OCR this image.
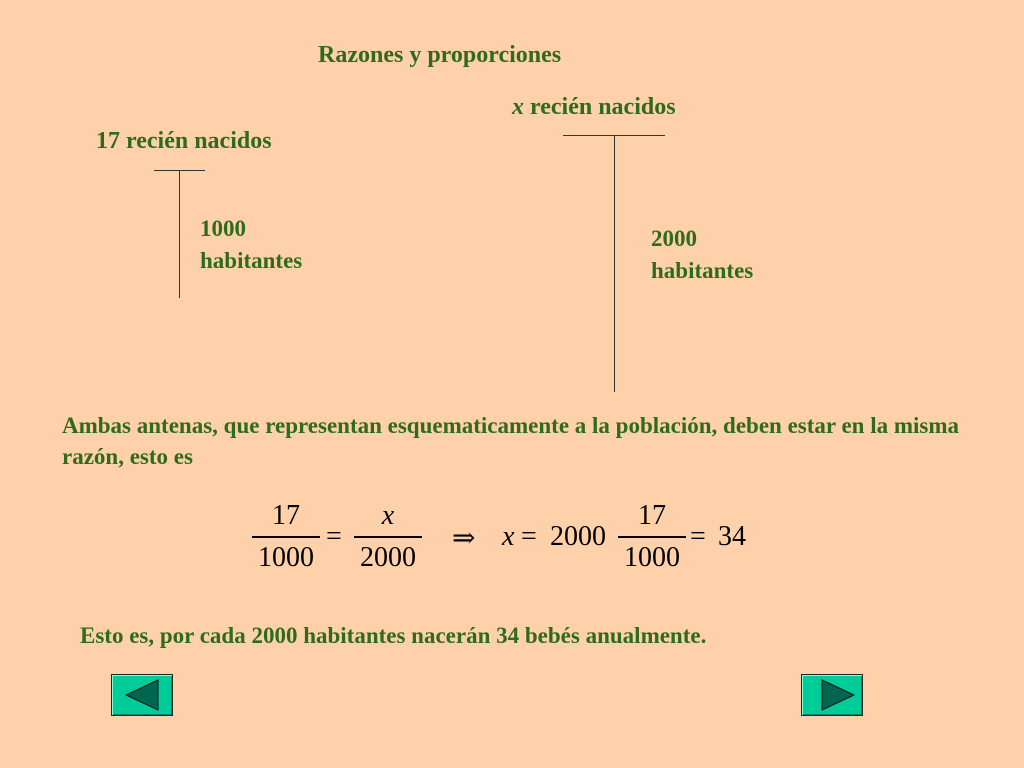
Razones y proporciones
17 recién nacidos
1000
habitantes
x recién nacidos
2000
habitantes
Ambas antenas, que representan esquematicamente a la población, deben estar en la misma razón, esto es
17
1000
=
x
2000
⇒ x = 2000
17
1000
= 34
Esto es, por cada 2000 habitantes nacerán 34 bebés anualmente.
